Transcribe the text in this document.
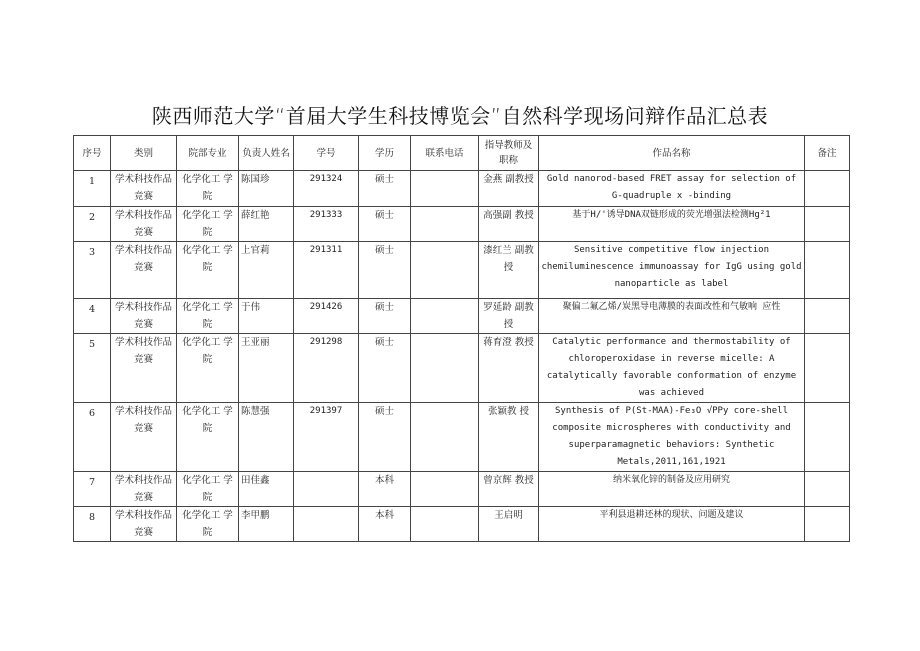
陕西师范大学“首届大学生科技博览会”自然科学现场问辩作品汇总表
序号	类别	院部专业	负责人姓名	学号	学历	联系电话	指导教师及职称	作品名称	备注
1	学术科技作品竞赛	化学化工 学院	陈国珍	291324	硕士		金燕 副教授	Gold nanorod-based FRET assay for selection of G-quadruple x -binding	
2	学术科技作品竞赛	化学化工 学院	薛红艳	291333	硕士		高强副 教授	基于H/'诱导DNA双链形成的荧光增强法检测Hg²1	
3	学术科技作品竞赛	化学化工 学院	上官莉	291311	硕士		漆红兰 副教授	Sensitive competitive flow injection chemiluminescence immunoassay for IgG using gold nanoparticle as label	
4	学术科技作品竞赛	化学化工 学院	于伟	291426	硕士		罗延龄 副教授	聚偏二氟乙烯/炭黑导电薄膜的表面改性和气敏响 应性	
5	学术科技作品竞赛	化学化工 学院	王亚丽	291298	硕士		蒋育澄 教授	Catalytic performance and thermostability of chloroperoxidase in reverse micelle: A catalytically favorable conformation of enzyme was achieved	
6	学术科技作品竞赛	化学化工 学院	陈慧强	291397	硕士		张颖教 授	Synthesis of P(St-MAA)-Fe₃O √PPy core-shell composite microspheres with conductivity and superparamagnetic behaviors: Synthetic Metals,2011,161,1921	
7	学术科技作品竞赛	化学化工 学院	田佳鑫		本科		曾京辉 教授	纳米氧化锌的制备及应用研究	
8	学术科技作品竞赛	化学化工 学院	李甲鹏		本科		王启明	平利县退耕还林的现状、问题及建议	
